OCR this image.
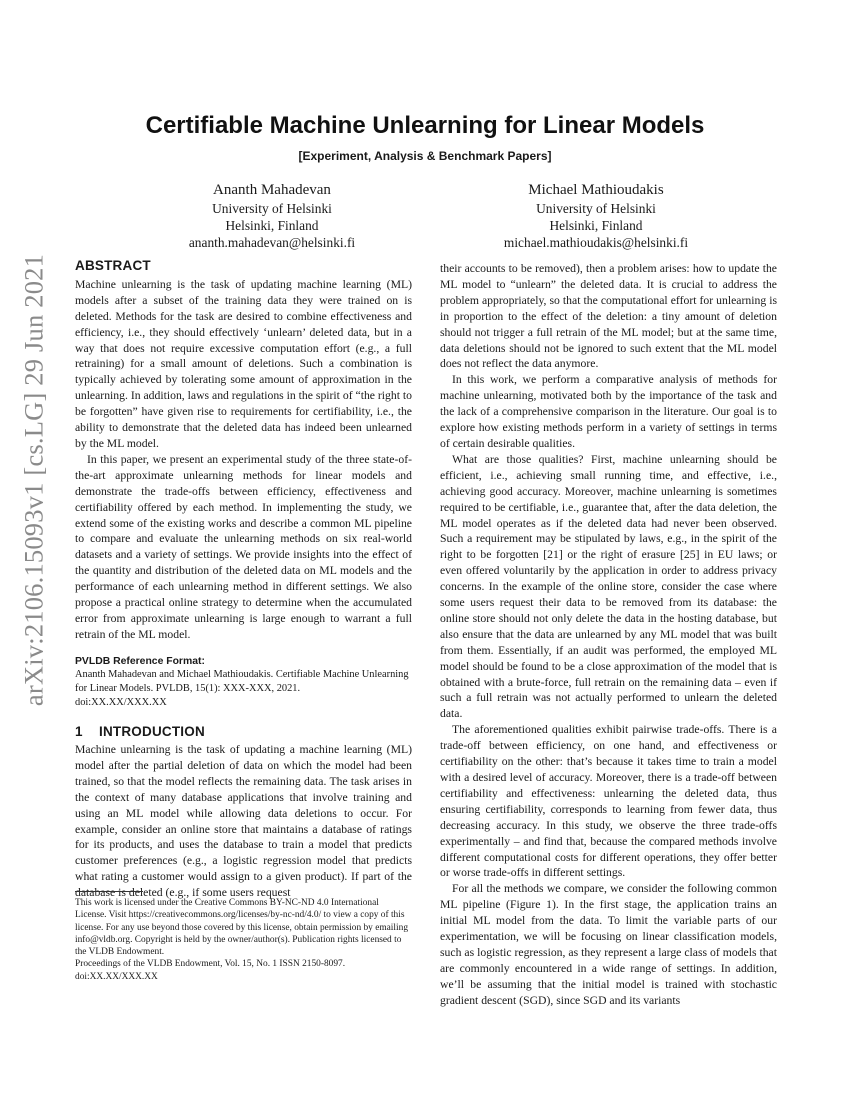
arXiv:2106.15093v1 [cs.LG] 29 Jun 2021
Certifiable Machine Unlearning for Linear Models
[Experiment, Analysis & Benchmark Papers]
Ananth Mahadevan
University of Helsinki
Helsinki, Finland
ananth.mahadevan@helsinki.fi
Michael Mathioudakis
University of Helsinki
Helsinki, Finland
michael.mathioudakis@helsinki.fi
ABSTRACT

Machine unlearning is the task of updating machine learning (ML) models after a subset of the training data they were trained on is deleted. Methods for the task are desired to combine effectiveness and efficiency, i.e., they should effectively ‘unlearn’ deleted data, but in a way that does not require excessive computation effort (e.g., a full retraining) for a small amount of deletions. Such a combination is typically achieved by tolerating some amount of approximation in the unlearning. In addition, laws and regulations in the spirit of “the right to be forgotten” have given rise to requirements for certifiability, i.e., the ability to demonstrate that the deleted data has indeed been unlearned by the ML model.

In this paper, we present an experimental study of the three state-of-the-art approximate unlearning methods for linear models and demonstrate the trade-offs between efficiency, effectiveness and certifiability offered by each method. In implementing the study, we extend some of the existing works and describe a common ML pipeline to compare and evaluate the unlearning methods on six real-world datasets and a variety of settings. We provide insights into the effect of the quantity and distribution of the deleted data on ML models and the performance of each unlearning method in different settings. We also propose a practical online strategy to determine when the accumulated error from approximate unlearning is large enough to warrant a full retrain of the ML model.

PVLDB Reference Format:
Ananth Mahadevan and Michael Mathioudakis. Certifiable Machine Unlearning for Linear Models. PVLDB, 15(1): XXX-XXX, 2021.
doi:XX.XX/XXX.XX
1 INTRODUCTION

Machine unlearning is the task of updating a machine learning (ML) model after the partial deletion of data on which the model had been trained, so that the model reflects the remaining data. The task arises in the context of many database applications that involve training and using an ML model while allowing data deletions to occur. For example, consider an online store that maintains a database of ratings for its products, and uses the database to train a model that predicts customer preferences (e.g., a logistic regression model that predicts what rating a customer would assign to a given product). If part of the database is deleted (e.g., if some users request

This work is licensed under the Creative Commons BY-NC-ND 4.0 International License. Visit https://creativecommons.org/licenses/by-nc-nd/4.0/ to view a copy of this license. For any use beyond those covered by this license, obtain permission by emailing info@vldb.org. Copyright is held by the owner/author(s). Publication rights licensed to the VLDB Endowment.

Proceedings of the VLDB Endowment, Vol. 15, No. 1 ISSN 2150-8097.

doi:XX.XX/XXX.XX

their accounts to be removed), then a problem arises: how to update the ML model to “unlearn” the deleted data. It is crucial to address the problem appropriately, so that the computational effort for unlearning is in proportion to the effect of the deletion: a tiny amount of deletion should not trigger a full retrain of the ML model; but at the same time, data deletions should not be ignored to such extent that the ML model does not reflect the data anymore.

In this work, we perform a comparative analysis of methods for machine unlearning, motivated both by the importance of the task and the lack of a comprehensive comparison in the literature. Our goal is to explore how existing methods perform in a variety of settings in terms of certain desirable qualities.

What are those qualities? First, machine unlearning should be efficient, i.e., achieving small running time, and effective, i.e., achieving good accuracy. Moreover, machine unlearning is sometimes required to be certifiable, i.e., guarantee that, after the data deletion, the ML model operates as if the deleted data had never been observed. Such a requirement may be stipulated by laws, e.g., in the spirit of the right to be forgotten [21] or the right of erasure [25] in EU laws; or even offered voluntarily by the application in order to address privacy concerns. In the example of the online store, consider the case where some users request their data to be removed from its database: the online store should not only delete the data in the hosting database, but also ensure that the data are unlearned by any ML model that was built from them. Essentially, if an audit was performed, the employed ML model should be found to be a close approximation of the model that is obtained with a brute-force, full retrain on the remaining data – even if such a full retrain was not actually performed to unlearn the deleted data.

The aforementioned qualities exhibit pairwise trade-offs. There is a trade-off between efficiency, on one hand, and effectiveness or certifiability on the other: that’s because it takes time to train a model with a desired level of accuracy. Moreover, there is a trade-off between certifiability and effectiveness: unlearning the deleted data, thus ensuring certifiability, corresponds to learning from fewer data, thus decreasing accuracy. In this study, we observe the three trade-offs experimentally – and find that, because the compared methods involve different computational costs for different operations, they offer better or worse trade-offs in different settings.

For all the methods we compare, we consider the following common ML pipeline (Figure 1). In the first stage, the application trains an initial ML model from the data. To limit the variable parts of our experimentation, we will be focusing on linear classification models, such as logistic regression, as they represent a large class of models that are commonly encountered in a wide range of settings. In addition, we’ll be assuming that the initial model is trained with stochastic gradient descent (SGD), since SGD and its variants
